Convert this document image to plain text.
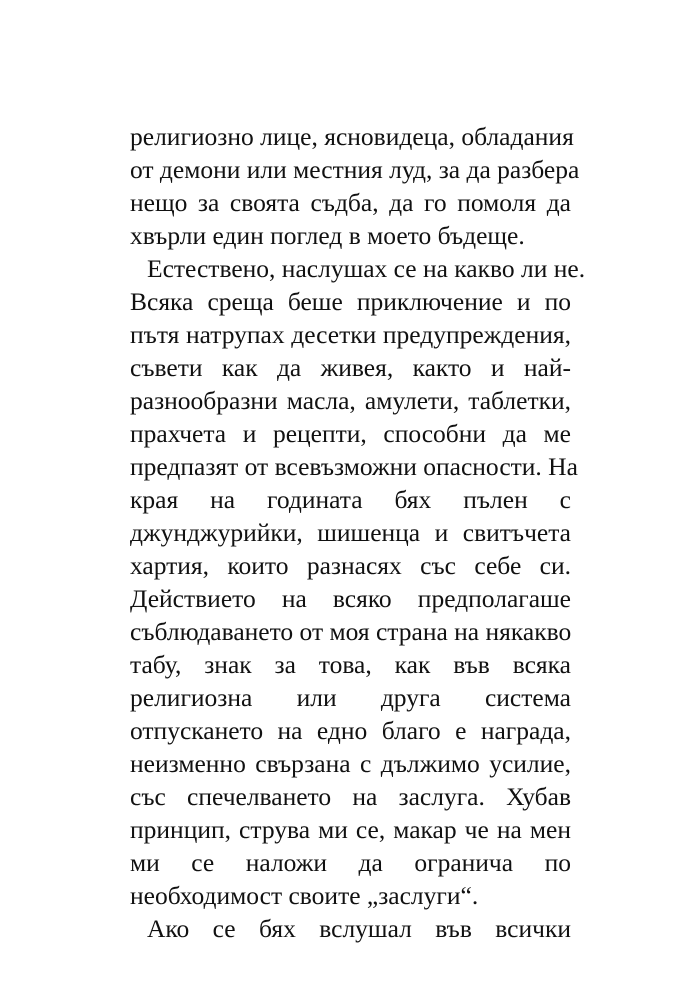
религиозно лице, ясновидеца, обладания
от демони или местния луд, за да разбера
нещо за своята съдба, да го помоля да
хвърли един поглед в моето бъдеще.
Естествено, наслушах се на какво ли не.
Всяка среща беше приключение и по
пътя натрупах десетки предупреждения,
съвети как да живея, както и най-
разнообразни масла, амулети, таблетки,
прахчета и рецепти, способни да ме
предпазят от всевъзможни опасности. На
края на годината бях пълен с
джунджурийки, шишенца и свитъчета
хартия, които разнасях със себе си.
Действието на всяко предполагаше
съблюдаването от моя страна на някакво
табу, знак за това, как във всяка
религиозна или друга система
отпускането на едно благо е награда,
неизменно свързана с дължимо усилие,
със спечелването на заслуга. Хубав
принцип, струва ми се, макар че на мен
ми се наложи да огранича по
необходимост своите „заслуги“.
Ако се бях вслушал във всички
